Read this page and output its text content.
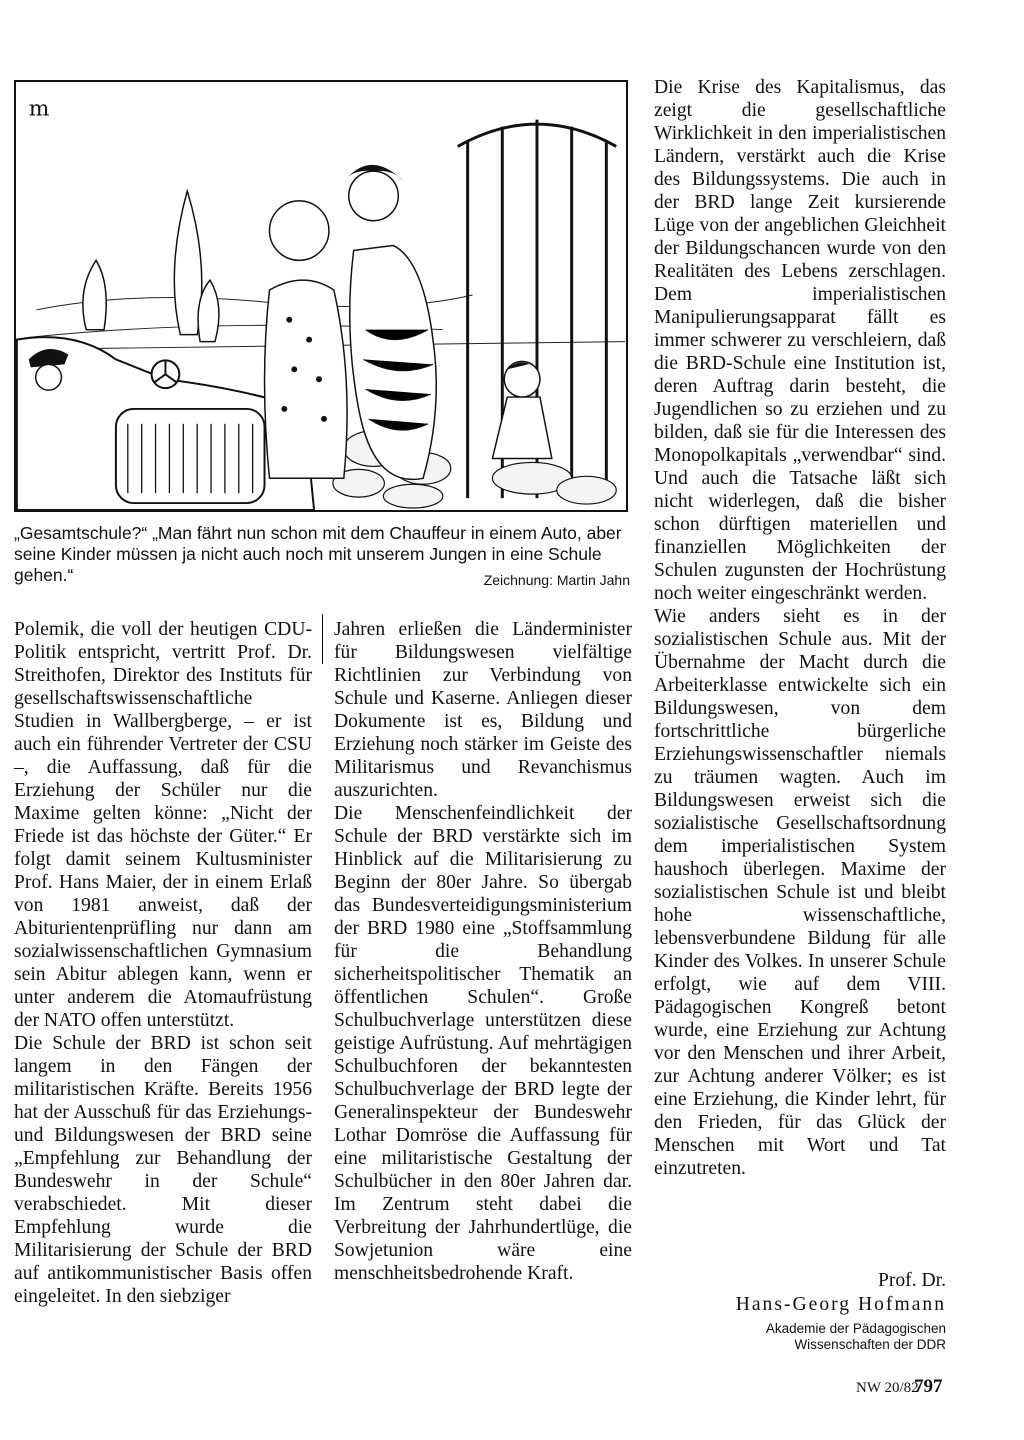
m
„Gesamtschule?“ „Man fährt nun schon mit dem Chauffeur in einem Auto, aber seine Kinder müssen ja nicht auch noch mit unserem Jungen in eine Schule gehen.“	Zeichnung: Martin Jahn

Polemik, die voll der heutigen CDU-Politik entspricht, vertritt Prof. Dr. Streithofen, Direktor des Instituts für gesellschaftswissenschaftliche Studien in Wallbergberge, – er ist auch ein führender Vertreter der CSU –, die Auffassung, daß für die Erziehung der Schüler nur die Maxime gelten könne: „Nicht der Friede ist das höchste der Güter.“ Er folgt damit seinem Kultusminister Prof. Hans Maier, der in einem Erlaß von 1981 anweist, daß der Abiturientenprüfling nur dann am sozialwissenschaftlichen Gymnasium sein Abitur ablegen kann, wenn er unter anderem die Atomaufrüstung der NATO offen unterstützt.

Die Schule der BRD ist schon seit langem in den Fängen der militaristischen Kräfte. Bereits 1956 hat der Ausschuß für das Erziehungs- und Bildungswesen der BRD seine „Empfehlung zur Behandlung der Bundeswehr in der Schule“ verabschiedet. Mit dieser Empfehlung wurde die Militarisierung der Schule der BRD auf antikommunistischer Basis offen eingeleitet. In den siebziger

Jahren erließen die Länderminister für Bildungswesen vielfältige Richtlinien zur Verbindung von Schule und Kaserne. Anliegen dieser Dokumente ist es, Bildung und Erziehung noch stärker im Geiste des Militarismus und Revanchismus auszurichten.

Die Menschenfeindlichkeit der Schule der BRD verstärkte sich im Hinblick auf die Militarisierung zu Beginn der 80er Jahre. So übergab das Bundesverteidigungsministerium der BRD 1980 eine „Stoffsammlung für die Behandlung sicherheitspolitischer Thematik an öffentlichen Schulen“. Große Schulbuchverlage unterstützen diese geistige Aufrüstung. Auf mehrtägigen Schulbuchforen der bekanntesten Schulbuchverlage der BRD legte der Generalinspekteur der Bundeswehr Lothar Domröse die Auffassung für eine militaristische Gestaltung der Schulbücher in den 80er Jahren dar. Im Zentrum steht dabei die Verbreitung der Jahrhundertlüge, die Sowjetunion wäre eine menschheitsbedrohende Kraft.

Die Krise des Kapitalismus, das zeigt die gesellschaftliche Wirklichkeit in den imperialistischen Ländern, verstärkt auch die Krise des Bildungssystems. Die auch in der BRD lange Zeit kursierende Lüge von der angeblichen Gleichheit der Bildungschancen wurde von den Realitäten des Lebens zerschlagen. Dem imperialistischen Manipulierungsapparat fällt es immer schwerer zu verschleiern, daß die BRD-Schule eine Institution ist, deren Auftrag darin besteht, die Jugendlichen so zu erziehen und zu bilden, daß sie für die Interessen des Monopolkapitals „verwendbar“ sind. Und auch die Tatsache läßt sich nicht widerlegen, daß die bisher schon dürftigen materiellen und finanziellen Möglichkeiten der Schulen zugunsten der Hochrüstung noch weiter eingeschränkt werden.

Wie anders sieht es in der sozialistischen Schule aus. Mit der Übernahme der Macht durch die Arbeiterklasse entwickelte sich ein Bildungswesen, von dem fortschrittliche bürgerliche Erziehungswissenschaftler niemals zu träumen wagten. Auch im Bildungswesen erweist sich die sozialistische Gesellschaftsordnung dem imperialistischen System haushoch überlegen. Maxime der sozialistischen Schule ist und bleibt hohe wissenschaftliche, lebensverbundene Bildung für alle Kinder des Volkes. In unserer Schule erfolgt, wie auf dem VIII. Pädagogischen Kongreß betont wurde, eine Erziehung zur Achtung vor den Menschen und ihrer Arbeit, zur Achtung anderer Völker; es ist eine Erziehung, die Kinder lehrt, für den Frieden, für das Glück der Menschen mit Wort und Tat einzutreten.

Prof. Dr.
Hans-Georg Hofmann
Akademie der Pädagogischen
Wissenschaften der DDR
NW 20/82
797
